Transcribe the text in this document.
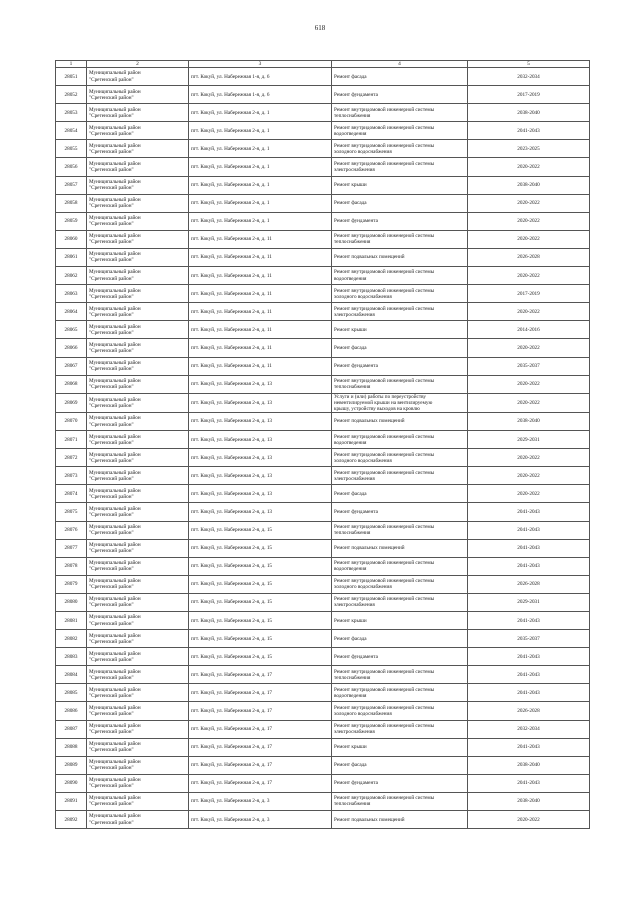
618
1	2	3	4	5
28051	Муниципальный район
"Сретенский район"	пгт. Кокуй, ул. Набережная 1-я, д. 6	Ремонт фасада	2032-2034
28052	Муниципальный район
"Сретенский район"	пгт. Кокуй, ул. Набережная 1-я, д. 6	Ремонт фундамента	2017-2019
28053	Муниципальный район
"Сретенский район"	пгт. Кокуй, ул. Набережная 2-я, д. 1	Ремонт внутридомовой инженерной системы
теплоснабжения	2038-2040
28054	Муниципальный район
"Сретенский район"	пгт. Кокуй, ул. Набережная 2-я, д. 1	Ремонт внутридомовой инженерной системы
водоотведения	2041-2043
28055	Муниципальный район
"Сретенский район"	пгт. Кокуй, ул. Набережная 2-я, д. 1	Ремонт внутридомовой инженерной системы
холодного водоснабжения	2023-2025
28056	Муниципальный район
"Сретенский район"	пгт. Кокуй, ул. Набережная 2-я, д. 1	Ремонт внутридомовой инженерной системы
электроснабжения	2020-2022
28057	Муниципальный район
"Сретенский район"	пгт. Кокуй, ул. Набережная 2-я, д. 1	Ремонт крыши	2038-2040
28058	Муниципальный район
"Сретенский район"	пгт. Кокуй, ул. Набережная 2-я, д. 1	Ремонт фасада	2020-2022
28059	Муниципальный район
"Сретенский район"	пгт. Кокуй, ул. Набережная 2-я, д. 1	Ремонт фундамента	2020-2022
28060	Муниципальный район
"Сретенский район"	пгт. Кокуй, ул. Набережная 2-я, д. 11	Ремонт внутридомовой инженерной системы
теплоснабжения	2020-2022
28061	Муниципальный район
"Сретенский район"	пгт. Кокуй, ул. Набережная 2-я, д. 11	Ремонт подвальных помещений	2026-2028
28062	Муниципальный район
"Сретенский район"	пгт. Кокуй, ул. Набережная 2-я, д. 11	Ремонт внутридомовой инженерной системы
водоотведения	2020-2022
28063	Муниципальный район
"Сретенский район"	пгт. Кокуй, ул. Набережная 2-я, д. 11	Ремонт внутридомовой инженерной системы
холодного водоснабжения	2017-2019
28064	Муниципальный район
"Сретенский район"	пгт. Кокуй, ул. Набережная 2-я, д. 11	Ремонт внутридомовой инженерной системы
электроснабжения	2020-2022
28065	Муниципальный район
"Сретенский район"	пгт. Кокуй, ул. Набережная 2-я, д. 11	Ремонт крыши	2014-2016
28066	Муниципальный район
"Сретенский район"	пгт. Кокуй, ул. Набережная 2-я, д. 11	Ремонт фасада	2020-2022
28067	Муниципальный район
"Сретенский район"	пгт. Кокуй, ул. Набережная 2-я, д. 11	Ремонт фундамента	2035-2037
28068	Муниципальный район
"Сретенский район"	пгт. Кокуй, ул. Набережная 2-я, д. 13	Ремонт внутридомовой инженерной системы
теплоснабжения	2020-2022
28069	Муниципальный район
"Сретенский район"	пгт. Кокуй, ул. Набережная 2-я, д. 13	Услуги и (или) работы по переустройству
невентилируемой крыши на вентилируемую
крышу, устройству выходов на кровлю	2020-2022
28070	Муниципальный район
"Сретенский район"	пгт. Кокуй, ул. Набережная 2-я, д. 13	Ремонт подвальных помещений	2038-2040
28071	Муниципальный район
"Сретенский район"	пгт. Кокуй, ул. Набережная 2-я, д. 13	Ремонт внутридомовой инженерной системы
водоотведения	2029-2031
28072	Муниципальный район
"Сретенский район"	пгт. Кокуй, ул. Набережная 2-я, д. 13	Ремонт внутридомовой инженерной системы
холодного водоснабжения	2020-2022
28073	Муниципальный район
"Сретенский район"	пгт. Кокуй, ул. Набережная 2-я, д. 13	Ремонт внутридомовой инженерной системы
электроснабжения	2020-2022
28074	Муниципальный район
"Сретенский район"	пгт. Кокуй, ул. Набережная 2-я, д. 13	Ремонт фасада	2020-2022
28075	Муниципальный район
"Сретенский район"	пгт. Кокуй, ул. Набережная 2-я, д. 13	Ремонт фундамента	2041-2043
28076	Муниципальный район
"Сретенский район"	пгт. Кокуй, ул. Набережная 2-я, д. 15	Ремонт внутридомовой инженерной системы
теплоснабжения	2041-2043
28077	Муниципальный район
"Сретенский район"	пгт. Кокуй, ул. Набережная 2-я, д. 15	Ремонт подвальных помещений	2041-2043
28078	Муниципальный район
"Сретенский район"	пгт. Кокуй, ул. Набережная 2-я, д. 15	Ремонт внутридомовой инженерной системы
водоотведения	2041-2043
28079	Муниципальный район
"Сретенский район"	пгт. Кокуй, ул. Набережная 2-я, д. 15	Ремонт внутридомовой инженерной системы
холодного водоснабжения	2026-2028
28080	Муниципальный район
"Сретенский район"	пгт. Кокуй, ул. Набережная 2-я, д. 15	Ремонт внутридомовой инженерной системы
электроснабжения	2029-2031
28081	Муниципальный район
"Сретенский район"	пгт. Кокуй, ул. Набережная 2-я, д. 15	Ремонт крыши	2041-2043
28082	Муниципальный район
"Сретенский район"	пгт. Кокуй, ул. Набережная 2-я, д. 15	Ремонт фасада	2035-2037
28083	Муниципальный район
"Сретенский район"	пгт. Кокуй, ул. Набережная 2-я, д. 15	Ремонт фундамента	2041-2043
28084	Муниципальный район
"Сретенский район"	пгт. Кокуй, ул. Набережная 2-я, д. 17	Ремонт внутридомовой инженерной системы
теплоснабжения	2041-2043
28085	Муниципальный район
"Сретенский район"	пгт. Кокуй, ул. Набережная 2-я, д. 17	Ремонт внутридомовой инженерной системы
водоотведения	2041-2043
28086	Муниципальный район
"Сретенский район"	пгт. Кокуй, ул. Набережная 2-я, д. 17	Ремонт внутридомовой инженерной системы
холодного водоснабжения	2026-2028
28087	Муниципальный район
"Сретенский район"	пгт. Кокуй, ул. Набережная 2-я, д. 17	Ремонт внутридомовой инженерной системы
электроснабжения	2032-2034
28088	Муниципальный район
"Сретенский район"	пгт. Кокуй, ул. Набережная 2-я, д. 17	Ремонт крыши	2041-2043
28089	Муниципальный район
"Сретенский район"	пгт. Кокуй, ул. Набережная 2-я, д. 17	Ремонт фасада	2038-2040
28090	Муниципальный район
"Сретенский район"	пгт. Кокуй, ул. Набережная 2-я, д. 17	Ремонт фундамента	2041-2043
28091	Муниципальный район
"Сретенский район"	пгт. Кокуй, ул. Набережная 2-я, д. 3	Ремонт внутридомовой инженерной системы
теплоснабжения	2038-2040
28092	Муниципальный район
"Сретенский район"	пгт. Кокуй, ул. Набережная 2-я, д. 3	Ремонт подвальных помещений	2020-2022
